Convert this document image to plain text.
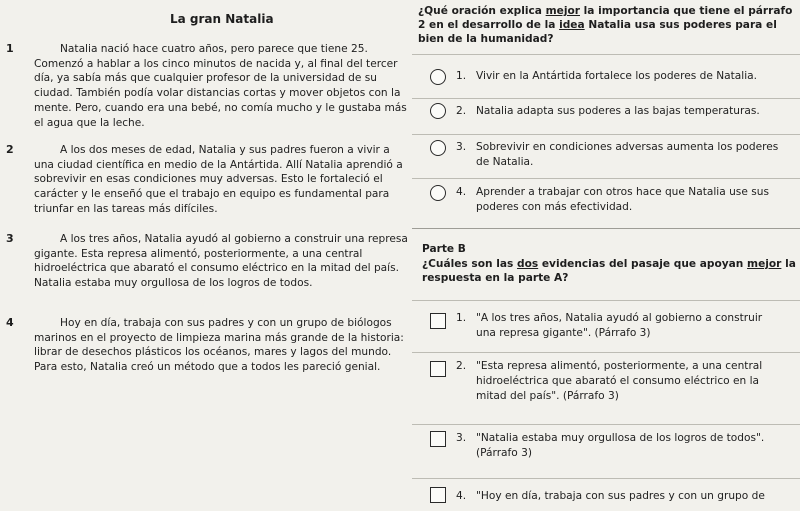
La gran Natalia
1	Natalia nació hace cuatro años, pero parece que tiene 25. Comenzó a hablar a los cinco minutos de nacida y, al final del tercer día, ya sabía más que cualquier profesor de la universidad de su ciudad. También podía volar distancias cortas y mover objetos con la mente. Pero, cuando era una bebé, no comía mucho y le gustaba más el agua que la leche.
2	A los dos meses de edad, Natalia y sus padres fueron a vivir a una ciudad científica en medio de la Antártida. Allí Natalia aprendió a sobrevivir en esas condiciones muy adversas. Esto le fortaleció el carácter y le enseñó que el trabajo en equipo es fundamental para triunfar en las tareas más difíciles.
3	A los tres años, Natalia ayudó al gobierno a construir una represa gigante. Esta represa alimentó, posteriormente, a una central hidroeléctrica que abarató el consumo eléctrico en la mitad del país. Natalia estaba muy orgullosa de los logros de todos.
4	Hoy en día, trabaja con sus padres y con un grupo de biólogos marinos en el proyecto de limpieza marina más grande de la historia: librar de desechos plásticos los océanos, mares y lagos del mundo. Para esto, Natalia creó un método que a todos les pareció genial.
¿Qué oración explica mejor la importancia que tiene el párrafo 2 en el desarrollo de la idea Natalia usa sus poderes para el bien de la humanidad?
1. Vivir en la Antártida fortalece los poderes de Natalia.
2. Natalia adapta sus poderes a las bajas temperaturas.
3. Sobrevivir en condiciones adversas aumenta los poderes
de Natalia.
4. Aprender a trabajar con otros hace que Natalia use sus
poderes con más efectividad.
Parte B
¿Cuáles son las dos evidencias del pasaje que apoyan mejor la respuesta en la parte A?
1. "A los tres años, Natalia ayudó al gobierno a construir
una represa gigante". (Párrafo 3)
2. "Esta represa alimentó, posteriormente, a una central
hidroeléctrica que abarató el consumo eléctrico en la
mitad del país". (Párrafo 3)
3. "Natalia estaba muy orgullosa de los logros de todos".
(Párrafo 3)
4. "Hoy en día, trabaja con sus padres y con un grupo de
